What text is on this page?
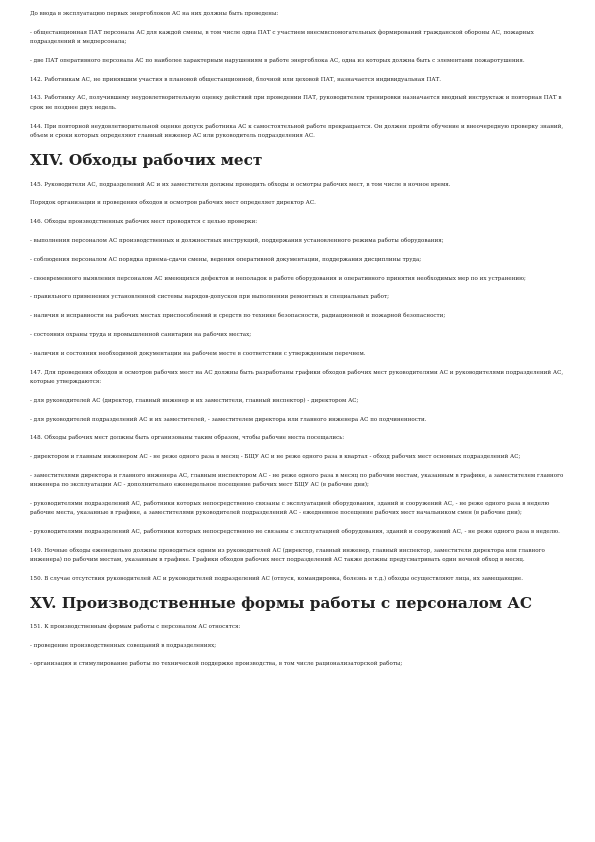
До ввода в эксплуатацию первых энергоблоков АС на них должны быть проведены:

- общестанционная ПАТ персонала АС для каждой смены, в том числе одна ПАТ с участием внесмвспомогательных формирований гражданской обороны АС, пожарных подразделений и медперсонала;

- две ПАТ оперативного персонала АС по наиболее характерным нарушениям в работе энергоблока АС, одна из которых должна быть с элементами пожаротушения.

142. Работникам АС, не принявшим участия в плановой общестанционной, блочной или цеховой ПАТ, назначается индивидуальная ПАТ.

143. Работнику АС, получившему неудовлетворительную оценку действий при проведении ПАТ, руководителем тренировки назначается вводный инструктаж и повторная ПАТ в срок не позднее двух недель.

144. При повторной неудовлетворительной оценке допуск работника АС к самостоятельной работе прекращается. Он должен пройти обучение и внеочередную проверку знаний, объем и сроки которых определяют главный инженер АС или руководитель подразделения АС.

XIV. Обходы рабочих мест

145. Руководители АС, подразделений АС и их заместители должны проводить обходы и осмотры рабочих мест, в том числе в ночное время.

Порядок организации и проведения обходов и осмотров рабочих мест определяет директор АС.

146. Обходы производственных рабочих мест проводятся с целью проверки:

- выполнения персоналом АС производственных и должностных инструкций, поддержания установленного режима работы оборудования;

- соблюдения персоналом АС порядка приема-сдачи смены, ведения оперативной документации, поддержания дисциплины труда;

- своевременного выявления персоналом АС имеющихся дефектов и неполадок в работе оборудования и оперативного принятия необходимых мер по их устранению;

- правильного применения установленной системы нарядов-допусков при выполнении ремонтных и специальных работ;

- наличия и исправности на рабочих местах приспособлений и средств по технике безопасности, радиационной и пожарной безопасности;

- состояния охраны труда и промышленной санитарии на рабочих местах;

- наличия и состояния необходимой документации на рабочем месте в соответствии с утвержденным перечнем.

147. Для проведения обходов и осмотров рабочих мест на АС должны быть разработаны графики обходов рабочих мест руководителями АС и руководителями подразделений АС, которые утверждаются:

- для руководителей АС (директор, главный инженер и их заместители, главный инспектор) - директором АС;

- для руководителей подразделений АС и их заместителей, - заместителем директора или главного инженера АС по подчиненности.

148. Обходы рабочих мест должны быть организованы таким образом, чтобы рабочие места посещались:

- директором и главным инженером АС - не реже одного раза в месяц - БЩУ АС и не реже одного раза в квартал - обход рабочих мест основных подразделений АС;

- заместителями директора и главного инженера АС, главным инспектором АС - не реже одного раза в месяц по рабочим местам, указанным в графике, а заместителем главного инженера по эксплуатации АС - дополнительно еженедельное посещение рабочих мест БЩУ АС (в рабочие дни);

- руководителями подразделений АС, работники которых непосредственно связаны с эксплуатацией оборудования, зданий и сооружений АС, - не реже одного раза в неделю рабочие места, указанные в графике, а заместителями руководителей подразделений АС - ежедневное посещение рабочих мест начальником смен (в рабочие дни);

- руководителями подразделений АС, работники которых непосредственно не связаны с эксплуатацией оборудования, зданий и сооружений АС, - не реже одного раза в неделю.

149. Ночные обходы еженедельно должны проводиться одним из руководителей АС (директор, главный инженер, главный инспектор, заместители директора или главного инженера) по рабочим местам, указанным в графике. Графики обходов рабочих мест подразделений АС также должны предусматривать один ночной обход в месяц.

150. В случае отсутствия руководителей АС и руководителей подразделений АС (отпуск, командировка, болезнь и т.д.) обходы осуществляют лица, их замещающие.

XV. Производственные формы работы с персоналом АС

151. К производственным формам работы с персоналом АС относятся:

- проведение производственных совещаний в подразделениях;

- организация и стимулирование работы по технической поддержке производства, в том числе рационализаторской работы;
